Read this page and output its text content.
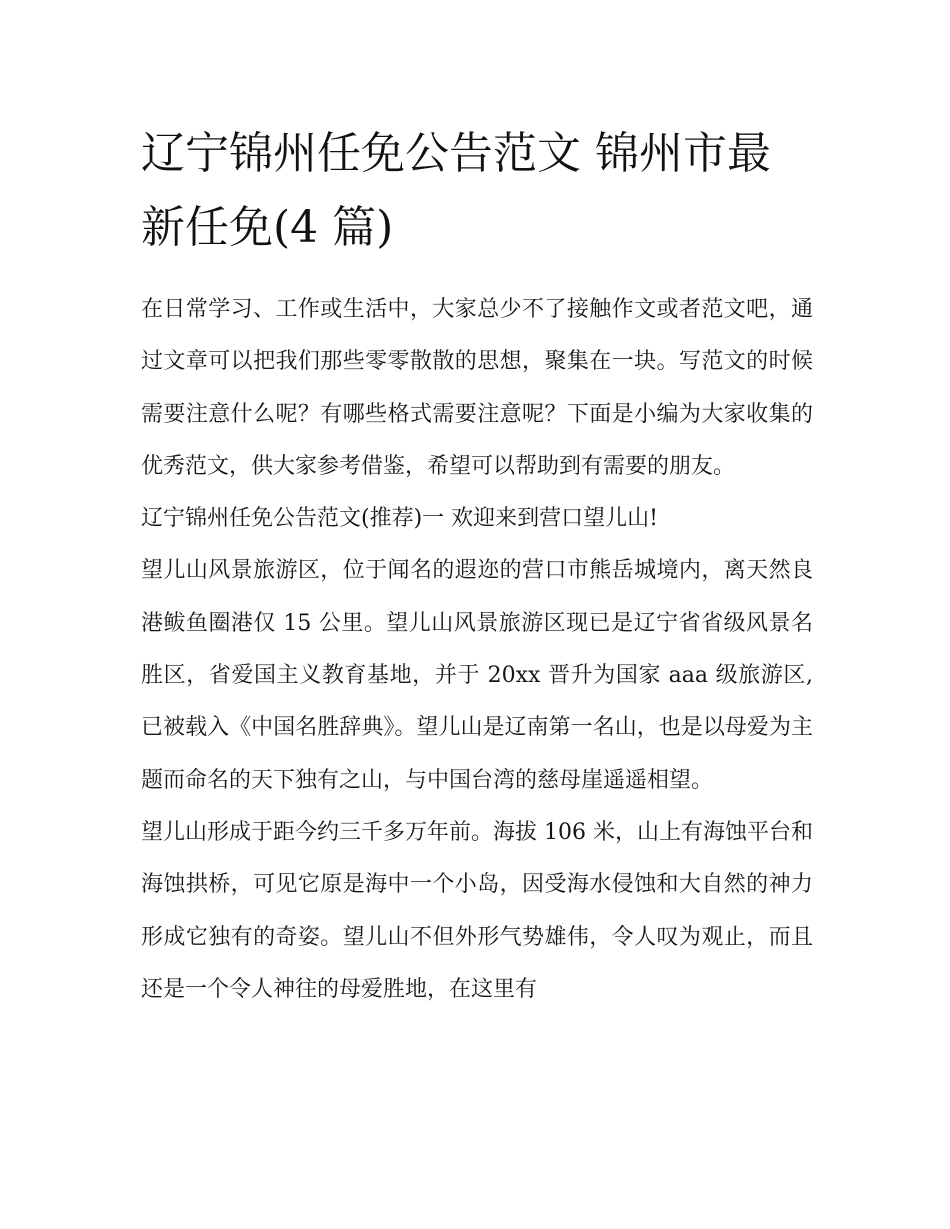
辽宁锦州任免公告范文 锦州市最新任免(4 篇)

在日常学习、工作或生活中，大家总少不了接触作文或者范文吧，通过文章可以把我们那些零零散散的思想，聚集在一块。写范文的时候需要注意什么呢？有哪些格式需要注意呢？下面是小编为大家收集的优秀范文，供大家参考借鉴，希望可以帮助到有需要的朋友。

辽宁锦州任免公告范文(推荐)一 欢迎来到营口望儿山!

望儿山风景旅游区，位于闻名的遐迩的营口市熊岳城境内，离天然良港鲅鱼圈港仅 15 公里。望儿山风景旅游区现已是辽宁省省级风景名胜区，省爱国主义教育基地，并于 20xx 晋升为国家 aaa 级旅游区,已被载入《中国名胜辞典》。望儿山是辽南第一名山，也是以母爱为主题而命名的天下独有之山，与中国台湾的慈母崖遥遥相望。

望儿山形成于距今约三千多万年前。海拔 106 米，山上有海蚀平台和海蚀拱桥，可见它原是海中一个小岛，因受海水侵蚀和大自然的神力形成它独有的奇姿。望儿山不但外形气势雄伟，令人叹为观止，而且还是一个令人神往的母爱胜地，在这里有
